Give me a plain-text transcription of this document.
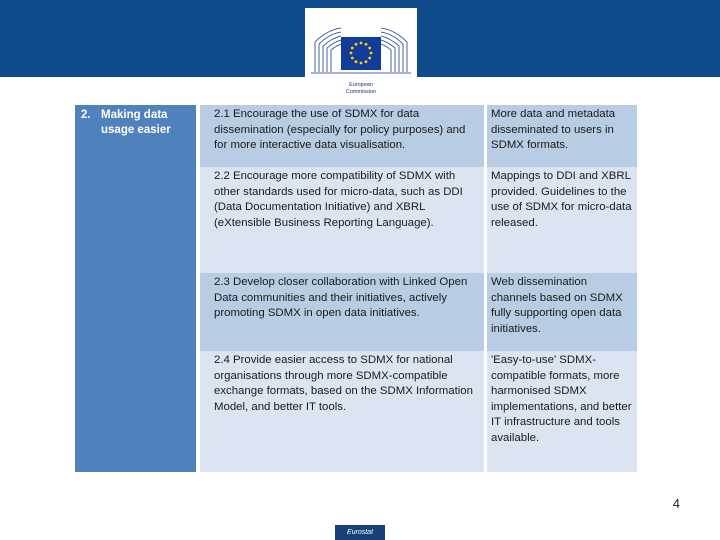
European
Commission
2. Making data
usage easier
2.1 Encourage the use of SDMX for data dissemination (especially for policy purposes) and for more interactive data visualisation.
More data and metadata disseminated to users in SDMX formats.
2.2 Encourage more compatibility of SDMX with other standards used for micro-data, such as DDI (Data Documentation Initiative) and XBRL (eXtensible Business Reporting Language).
Mappings to DDI and XBRL provided. Guidelines to the use of SDMX for micro-data released.
2.3 Develop closer collaboration with Linked Open Data communities and their initiatives, actively promoting SDMX in open data initiatives.
Web dissemination channels based on SDMX fully supporting open data initiatives.
2.4 Provide easier access to SDMX for national organisations through more SDMX-compatible exchange formats, based on the SDMX Information Model, and better IT tools.
'Easy-to-use' SDMX-compatible formats, more harmonised SDMX implementations, and better IT infrastructure and tools available.
4
Eurostat
